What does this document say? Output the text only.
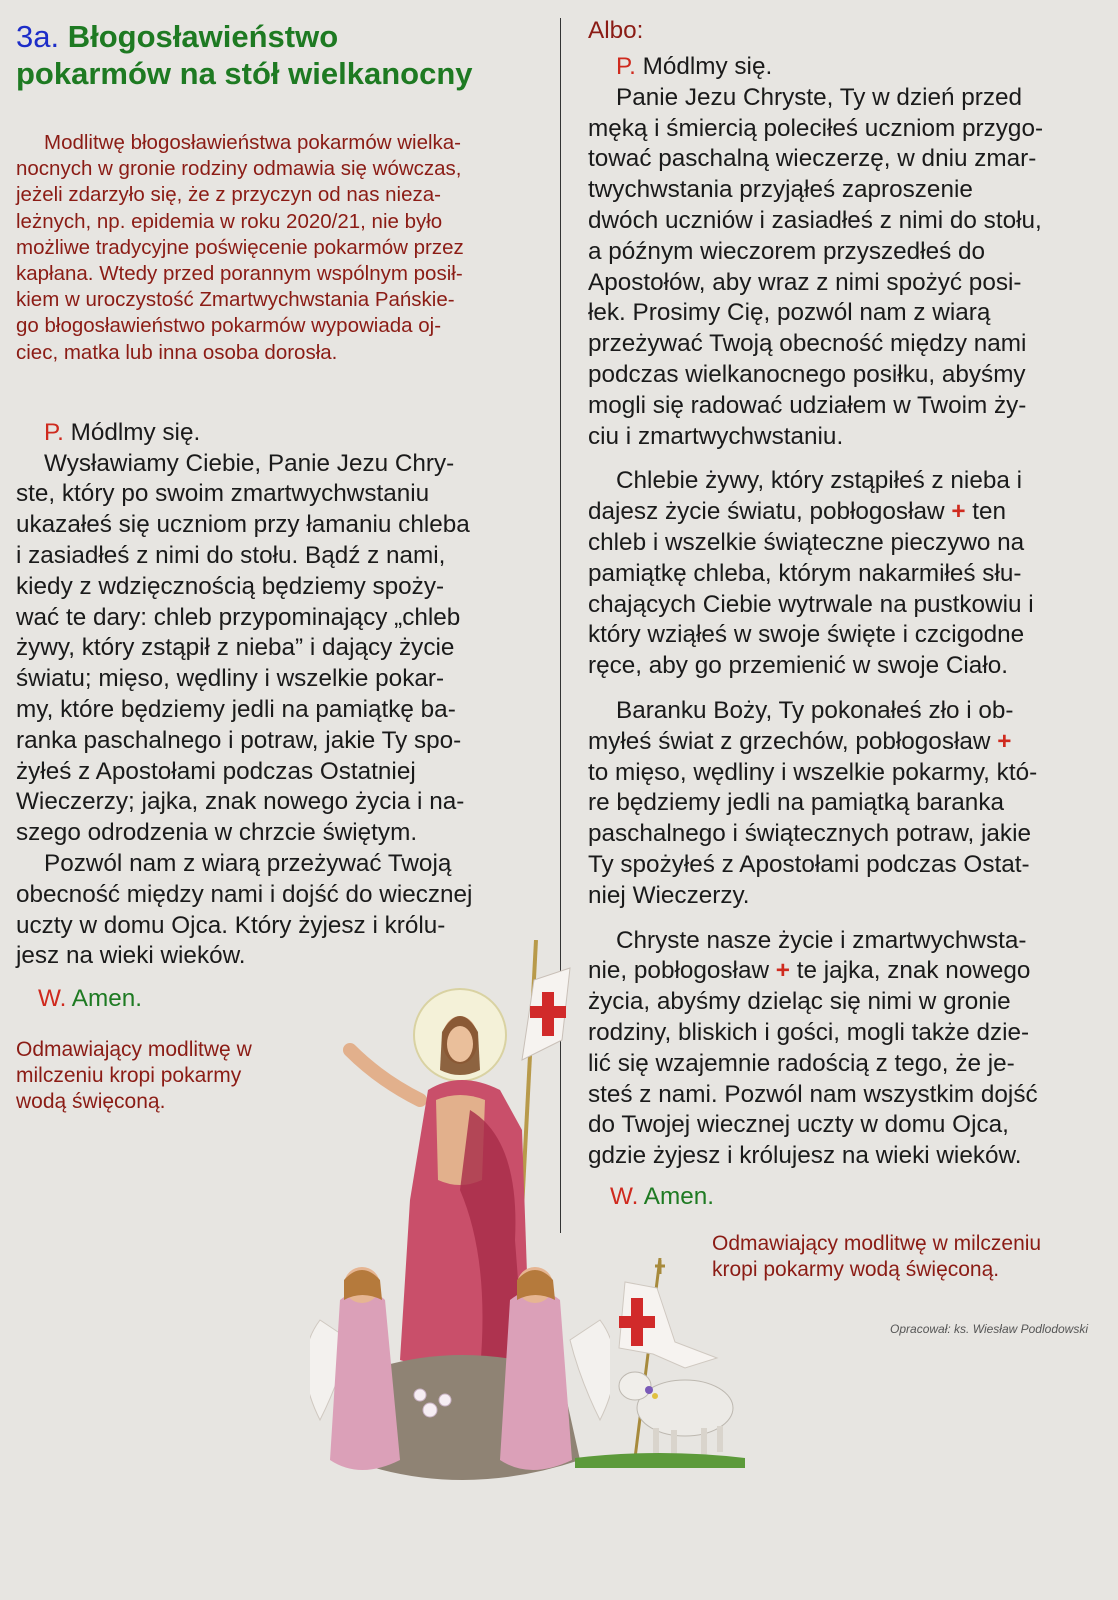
3a. Błogosławieństwo
pokarmów na stół wielkanocny
Modlitwę błogosławieństwa pokarmów wielka-
nocnych w gronie rodziny odmawia się wówczas,
jeżeli zdarzyło się, że z przyczyn od nas nieza-
leżnych, np. epidemia w roku 2020/21, nie było
możliwe tradycyjne poświęcenie pokarmów przez
kapłana. Wtedy przed porannym wspólnym posił-
kiem w uroczystość Zmartwychwstania Pańskie-
go błogosławieństwo pokarmów wypowiada oj-
ciec, matka lub inna osoba dorosła.
P. Módlmy się.
Wysławiamy Ciebie, Panie Jezu Chry-
ste, który po swoim zmartwychwstaniu
ukazałeś się uczniom przy łamaniu chleba
i zasiadłeś z nimi do stołu. Bądź z nami,
kiedy z wdzięcznością będziemy spoży-
wać te dary: chleb przypominający „chleb
żywy, który zstąpił z nieba” i dający życie
światu; mięso, wędliny i wszelkie pokar-
my, które będziemy jedli na pamiątkę ba-
ranka paschalnego i potraw, jakie Ty spo-
żyłeś z Apostołami podczas Ostatniej
Wieczerzy; jajka, znak nowego życia i na-
szego odrodzenia w chrzcie świętym.
Pozwól nam z wiarą przeżywać Twoją
obecność między nami i dojść do wiecznej
uczty w domu Ojca. Który żyjesz i królu-
jesz na wieki wieków.
W. Amen.
Odmawiający modlitwę w
milczeniu kropi pokarmy
wodą święconą.
Albo:
P. Módlmy się.
Panie Jezu Chryste, Ty w dzień przed
męką i śmiercią poleciłeś uczniom przygo-
tować paschalną wieczerzę, w dniu zmar-
twychwstania przyjąłeś zaproszenie
dwóch uczniów i zasiadłeś z nimi do stołu,
a późnym wieczorem przyszedłeś do
Apostołów, aby wraz z nimi spożyć posi-
łek. Prosimy Cię, pozwól nam z wiarą
przeżywać Twoją obecność między nami
podczas wielkanocnego posiłku, abyśmy
mogli się radować udziałem w Twoim ży-
ciu i zmartwychwstaniu.
Chlebie żywy, który zstąpiłeś z nieba i
dajesz życie światu, pobłogosław + ten
chleb i wszelkie świąteczne pieczywo na
pamiątkę chleba, którym nakarmiłeś słu-
chających Ciebie wytrwale na pustkowiu i
który wziąłeś w swoje święte i czcigodne
ręce, aby go przemienić w swoje Ciało.
Baranku Boży, Ty pokonałeś zło i ob-
myłeś świat z grzechów, pobłogosław +
to mięso, wędliny i wszelkie pokarmy, któ-
re będziemy jedli na pamiątką baranka
paschalnego i świątecznych potraw, jakie
Ty spożyłeś z Apostołami podczas Ostat-
niej Wieczerzy.
Chryste nasze życie i zmartwychwsta-
nie, pobłogosław + te jajka, znak nowego
życia, abyśmy dzieląc się nimi w gronie
rodziny, bliskich i gości, mogli także dzie-
lić się wzajemnie radością z tego, że je-
steś z nami. Pozwól nam wszystkim dojść
do Twojej wiecznej uczty w domu Ojca,
gdzie żyjesz i królujesz na wieki wieków.
W. Amen.
Odmawiający modlitwę w milczeniu
kropi pokarmy wodą święconą.
Opracował: ks. Wiesław Podlodowski
